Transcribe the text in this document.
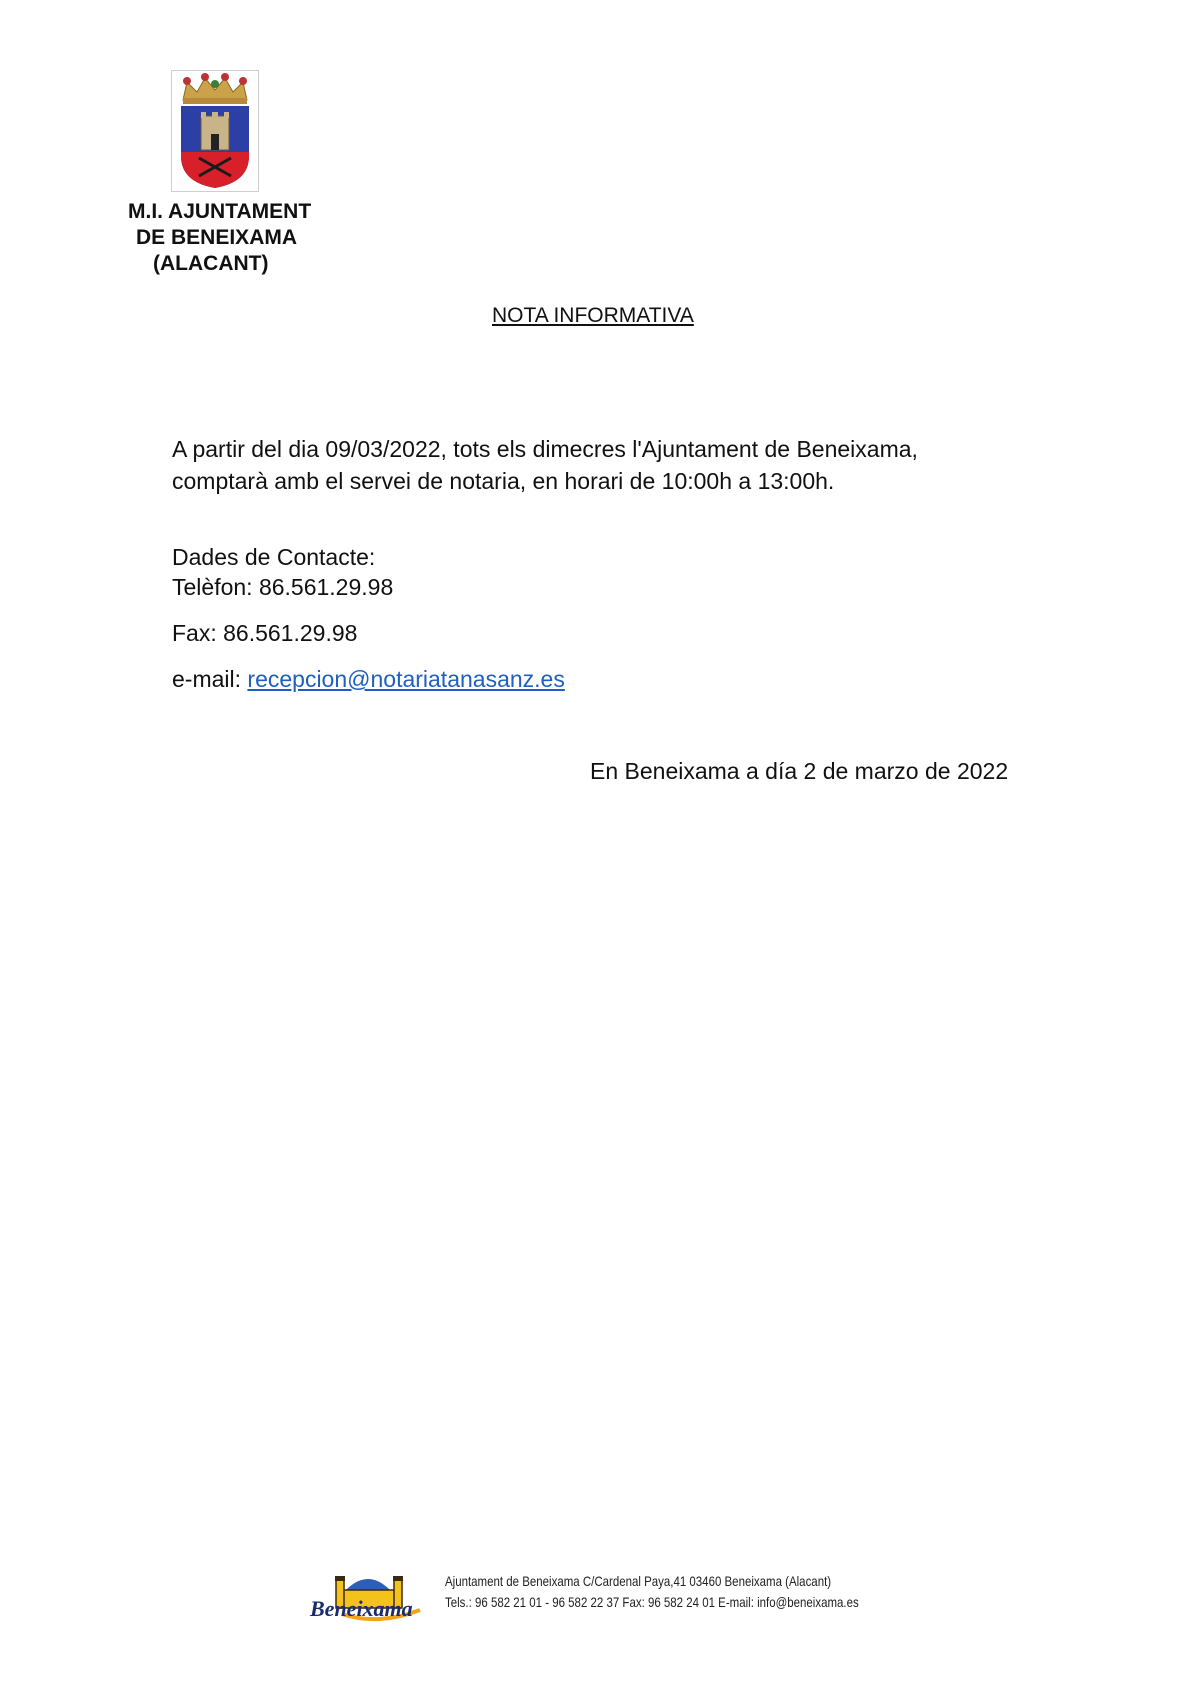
M.I. AJUNTAMENT
DE BENEIXAMA
(ALACANT)
NOTA INFORMATIVA
A partir del dia 09/03/2022, tots els dimecres l'Ajuntament de Beneixama,
comptarà amb el servei de notaria, en horari de 10:00h a 13:00h.
Dades de Contacte:
Telèfon: 86.561.29.98
Fax: 86.561.29.98
e-mail: recepcion@notariatanasanz.es
En Beneixama a día 2 de marzo de 2022
Beneixama
Ajuntament de Beneixama C/Cardenal Paya,41 03460 Beneixama (Alacant)
Tels.: 96 582 21 01 - 96 582 22 37 Fax: 96 582 24 01 E-mail: info@beneixama.es
